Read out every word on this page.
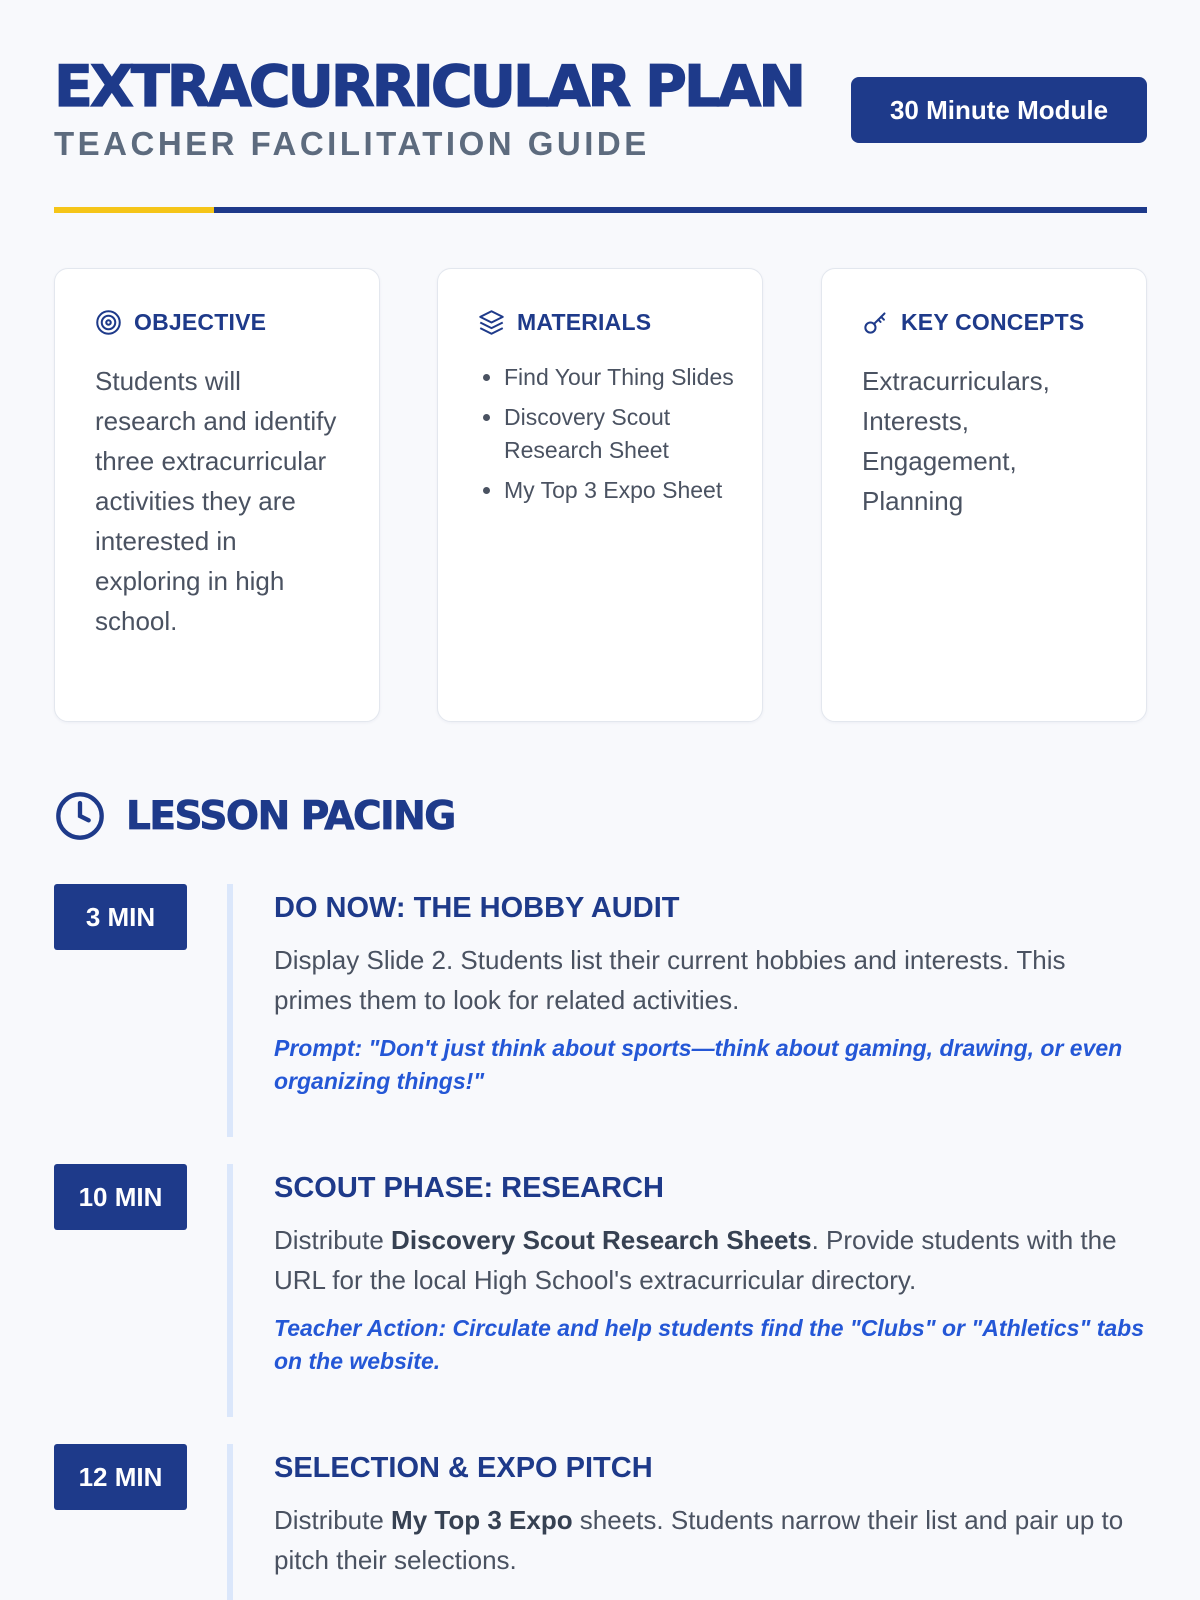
EXTRACURRICULAR PLAN

TEACHER FACILITATION GUIDE

30 Minute Module
OBJECTIVE
Students will research and identify three extracurricular activities they are interested in exploring in high school.
MATERIALS
• Find Your Thing Slides
• Discovery Scout Research Sheet
• My Top 3 Expo Sheet
KEY CONCEPTS
Extracurriculars, Interests, Engagement, Planning
LESSON PACING
3 MIN	DO NOW: THE HOBBY AUDIT
Display Slide 2. Students list their current hobbies and interests. This primes them to look for related activities.
Prompt: "Don't just think about sports—think about gaming, drawing, or even organizing things!"
10 MIN	SCOUT PHASE: RESEARCH
Distribute Discovery Scout Research Sheets. Provide students with the URL for the local High School's extracurricular directory.
Teacher Action: Circulate and help students find the "Clubs" or "Athletics" tabs on the website.
12 MIN	SELECTION & EXPO PITCH
Distribute My Top 3 Expo sheets. Students narrow their list and pair up to pitch their selections.
